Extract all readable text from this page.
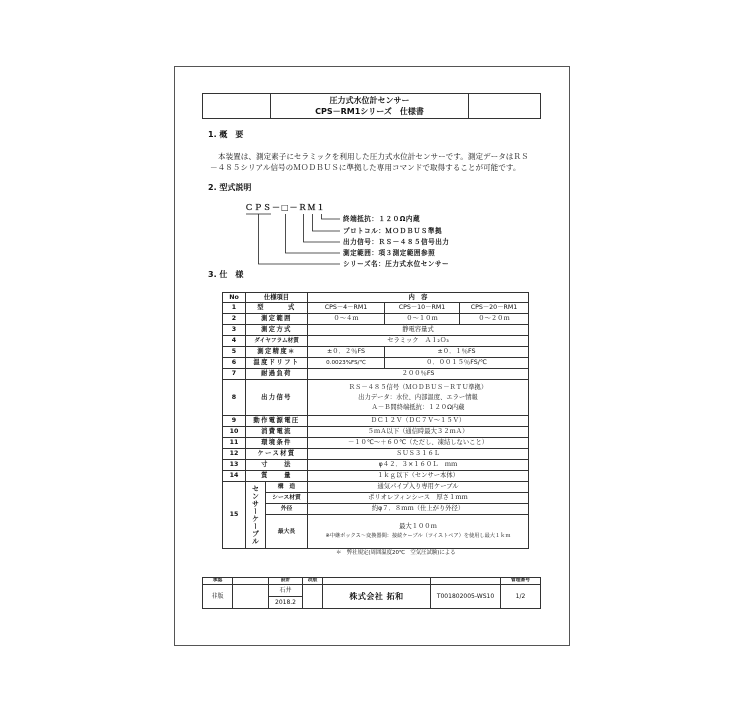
圧力式水位計センサー
CPS－RM1シリーズ　仕様書

1. 概　要
本装置は、測定素子にセラミックを利用した圧力式水位計センサーです。測定データはＲＳ
－４８５シリアル信号のＭＯＤＢＵＳに準拠した専用コマンドで取得することが可能です。
2. 型式説明
ＣＰＳ－□－ＲＭ１
終端抵抗：１２０Ω内蔵
プロトコル：ＭＯＤＢＵＳ準拠
出力信号：ＲＳ－４８５信号出力
測定範囲：項３測定範囲参照
シリーズ名：圧力式水位センサー
3. 仕　様
No	仕様項目		内　容		
1	型　　　式		CPS－4－RM1	CPS－10－RM1	CPS－20－RM1
2	測定範囲		０～４ｍ	０～１０ｍ	０～２０ｍ
3	測定方式		静電容量式		
4	ダイヤフラム材質		セラミック　Ａｌ₂Ｏ₃		
5	測定精度＊		±０．２％FS	±０．１％FS	
6	温度ドリフト		0.0023%FS/℃	０．００１５％FS/℃	
7	耐過負荷		２００％FS		
8	出力信号		ＲＳ－４８５信号（ＭＯＤＢＵＳ－ＲＴＵ準拠）
出力データ：水位、内部温度、エラー情報
Ａ－Ｂ間終端抵抗：１２０Ω内蔵		

9	動作電源電圧		ＤＣ１２Ｖ（ＤＣ７Ｖ～１５Ｖ）		
10	消費電流		５ｍＡ以下（通信時最大３２ｍＡ）		
11	環境条件		－１０℃～＋６０℃（ただし、凍結しないこと）		
12	ケース材質		ＳＵＳ３１６Ｌ		
13	寸　　法		φ４２．３×１６０Ｌ　ｍｍ		
14	質　　量		１ｋｇ以下（センサー本体）		
15	センサーケーブル	構　造	通気パイプ入り専用ケーブル		
		シース材質	ポリオレフィンシース　厚さ１ｍｍ		
		外径	約φ７．８ｍｍ（仕上がり外径）		
		最大長	最大１００ｍ
※中継ボックス～変換器間：接続ケーブル（ツイストペア）を使用し最大１ｋｍ		
＊　弊社規定(周囲温度20℃　空気圧試験)による
承認		設計	改版			管理番号
非版		石井		株式会社 拓和	T001802005-WS10	1/2
		2018.2				
